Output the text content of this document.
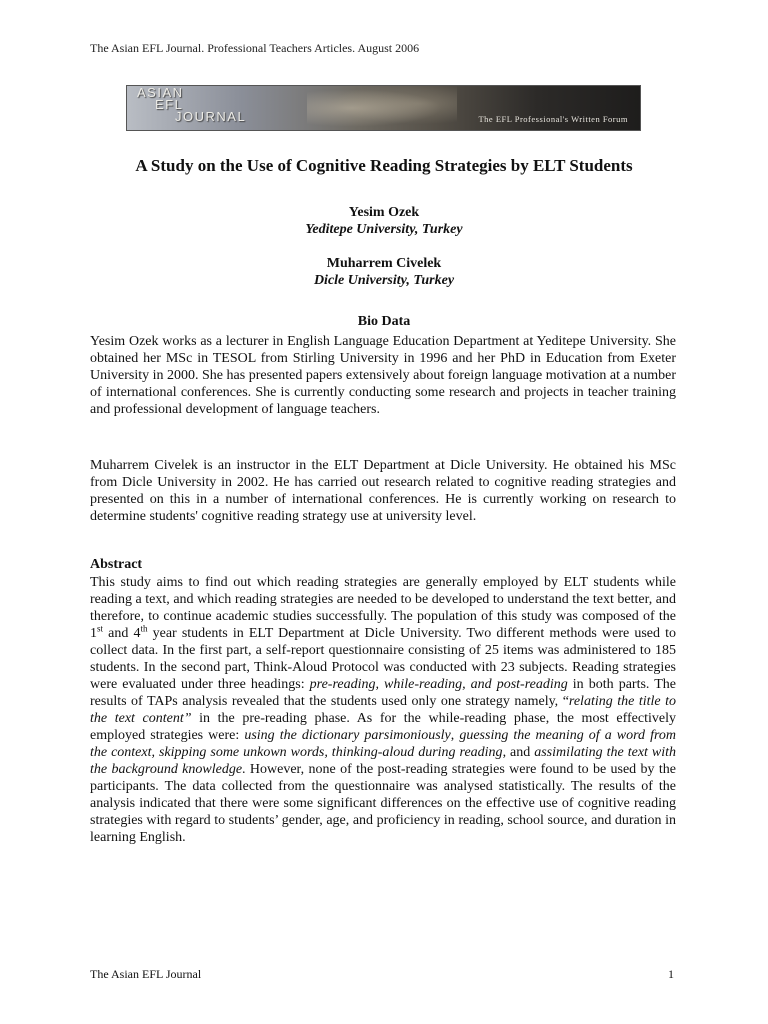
The Asian EFL Journal. Professional Teachers Articles. August 2006
ASIAN
EFL
JOURNAL	The EFL Professional's Written Forum
A Study on the Use of Cognitive Reading Strategies by ELT Students
Yesim Ozek
Yeditepe University, Turkey
Muharrem Civelek
Dicle University, Turkey
Bio Data
Yesim Ozek works as a lecturer in English Language Education Department at Yeditepe University. She obtained her MSc in TESOL from Stirling University in 1996 and her PhD in Education from Exeter University in 2000. She has presented papers extensively about foreign language motivation at a number of international conferences. She is currently conducting some research and projects in teacher training and professional development of language teachers.
Muharrem Civelek is an instructor in the ELT Department at Dicle University. He obtained his MSc from Dicle University in 2002. He has carried out research related to cognitive reading strategies and presented on this in a number of international conferences. He is currently working on research to determine students' cognitive reading strategy use at university level.
Abstract
This study aims to find out which reading strategies are generally employed by ELT students while reading a text, and which reading strategies are needed to be developed to understand the text better, and therefore, to continue academic studies successfully. The population of this study was composed of the 1st and 4th year students in ELT Department at Dicle University. Two different methods were used to collect data. In the first part, a self-report questionnaire consisting of 25 items was administered to 185 students. In the second part, Think-Aloud Protocol was conducted with 23 subjects. Reading strategies were evaluated under three headings: pre-reading, while-reading, and post-reading in both parts. The results of TAPs analysis revealed that the students used only one strategy namely, “relating the title to the text content” in the pre-reading phase. As for the while-reading phase, the most effectively employed strategies were: using the dictionary parsimoniously, guessing the meaning of a word from the context, skipping some unkown words, thinking-aloud during reading, and assimilating the text with the background knowledge. However, none of the post-reading strategies were found to be used by the participants. The data collected from the questionnaire was analysed statistically. The results of the analysis indicated that there were some significant differences on the effective use of cognitive reading strategies with regard to students’ gender, age, and proficiency in reading, school source, and duration in learning English.
The Asian EFL Journal	1
